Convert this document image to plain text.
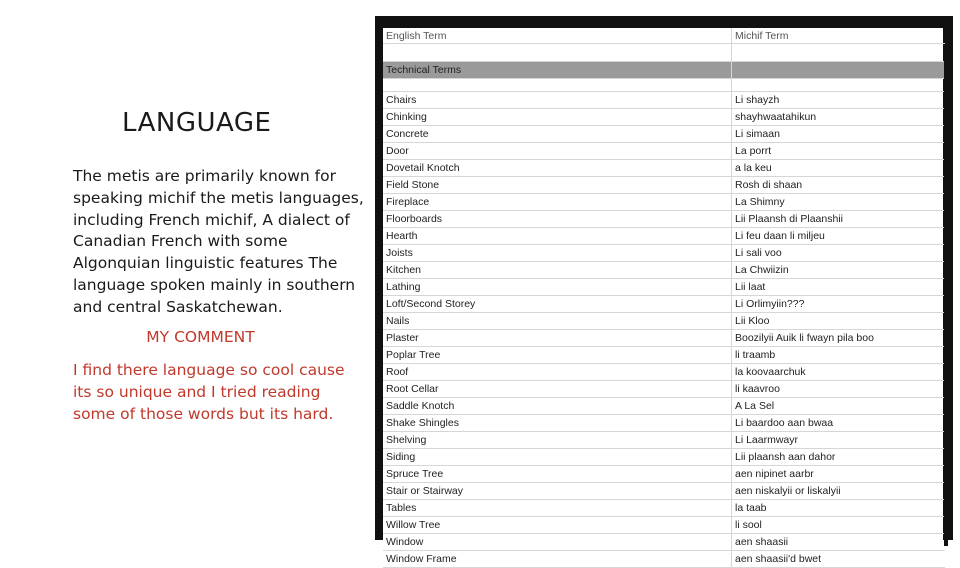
LANGUAGE

The metis are primarily known for speaking michif the metis languages, including French michif, A dialect of Canadian French with some Algonquian linguistic features The language spoken mainly in southern and central Saskatchewan.

MY COMMENT

I find there language so cool cause its so unique and I tried reading some of those words but its hard.

English Term	Michif Term

Technical Terms	

Chairs	Li shayzh
Chinking	shayhwaatahikun
Concrete	Li simaan
Door	La porrt
Dovetail Knotch	a la keu
Field Stone	Rosh di shaan
Fireplace	La Shimny
Floorboards	Lii Plaansh di Plaanshii
Hearth	Li feu daan li miljeu
Joists	Li sali voo
Kitchen	La Chwiizin
Lathing	Lii laat
Loft/Second Storey	Li Orlimyiin???
Nails	Lii Kloo
Plaster	Boozilyii Auik li fwayn pila boo
Poplar Tree	li traamb
Roof	la koovaarchuk
Root Cellar	li kaavroo
Saddle Knotch	A La Sel
Shake Shingles	Li baardoo aan bwaa
Shelving	Li Laarmwayr
Siding	Lii plaansh aan dahor
Spruce Tree	aen nipinet aarbr
Stair or Stairway	aen niskalyii or liskalyii
Tables	la taab
Willow Tree	li sool
Window	aen shaasii
Window Frame	aen shaasii'd bwet
